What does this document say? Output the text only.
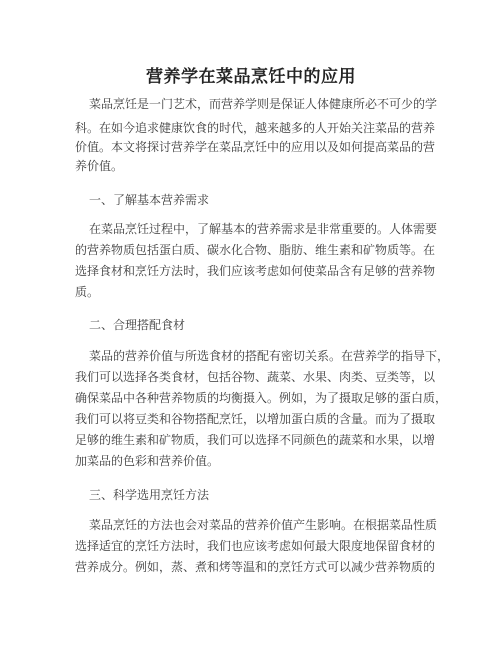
营养学在菜品烹饪中的应用
菜品烹饪是一门艺术，而营养学则是保证人体健康所必不可少的学
科。在如今追求健康饮食的时代，越来越多的人开始关注菜品的营养
价值。本文将探讨营养学在菜品烹饪中的应用以及如何提高菜品的营
养价值。
一、了解基本营养需求
在菜品烹饪过程中，了解基本的营养需求是非常重要的。人体需要
的营养物质包括蛋白质、碳水化合物、脂肪、维生素和矿物质等。在
选择食材和烹饪方法时，我们应该考虑如何使菜品含有足够的营养物
质。
二、合理搭配食材
菜品的营养价值与所选食材的搭配有密切关系。在营养学的指导下，
我们可以选择各类食材，包括谷物、蔬菜、水果、肉类、豆类等，以
确保菜品中各种营养物质的均衡摄入。例如，为了摄取足够的蛋白质，
我们可以将豆类和谷物搭配烹饪，以增加蛋白质的含量。而为了摄取
足够的维生素和矿物质，我们可以选择不同颜色的蔬菜和水果，以增
加菜品的色彩和营养价值。
三、科学选用烹饪方法
菜品烹饪的方法也会对菜品的营养价值产生影响。在根据菜品性质
选择适宜的烹饪方法时，我们也应该考虑如何最大限度地保留食材的
营养成分。例如，蒸、煮和烤等温和的烹饪方式可以减少营养物质的
